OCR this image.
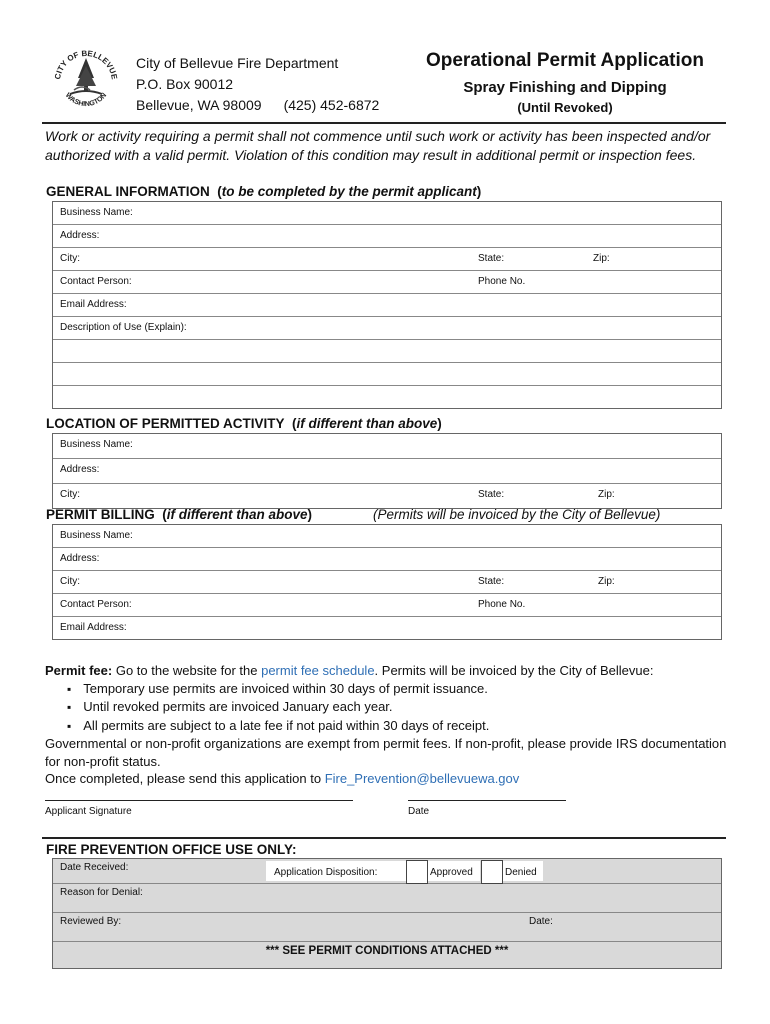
CITY OF BELLEVUE
WASHINGTON
City of Bellevue Fire Department
P.O. Box 90012
Bellevue, WA 98009 (425) 452-6872
Operational Permit Application
Spray Finishing and Dipping
(Until Revoked)
Work or activity requiring a permit shall not commence until such work or activity has been inspected and/or authorized with a valid permit. Violation of this condition may result in additional permit or inspection fees.
GENERAL INFORMATION  (to be completed by the permit applicant)
Business Name:
Address:
City:	State:	Zip:
Contact Person:	Phone No.
Email Address:
Description of Use (Explain):
LOCATION OF PERMITTED ACTIVITY  (if different than above)
Business Name:
Address:
City:	State:	Zip:
PERMIT BILLING  (if different than above)	(Permits will be invoiced by the City of Bellevue)
Business Name:
Address:
City:	State:	Zip:
Contact Person:	Phone No.
Email Address:
Permit fee: Go to the website for the permit fee schedule. Permits will be invoiced by the City of Bellevue:
▪ Temporary use permits are invoiced within 30 days of permit issuance.
▪ Until revoked permits are invoiced January each year.
▪ All permits are subject to a late fee if not paid within 30 days of receipt.
Governmental or non-profit organizations are exempt from permit fees. If non-profit, please provide IRS documentation for non-profit status.
Once completed, please send this application to Fire_Prevention@bellevuewa.gov
Applicant Signature	Date
FIRE PREVENTION OFFICE USE ONLY:
Date Received:	Application Disposition:	Approved	Denied
Reason for Denial:
Reviewed By:	Date:
*** SEE PERMIT CONDITIONS ATTACHED ***
